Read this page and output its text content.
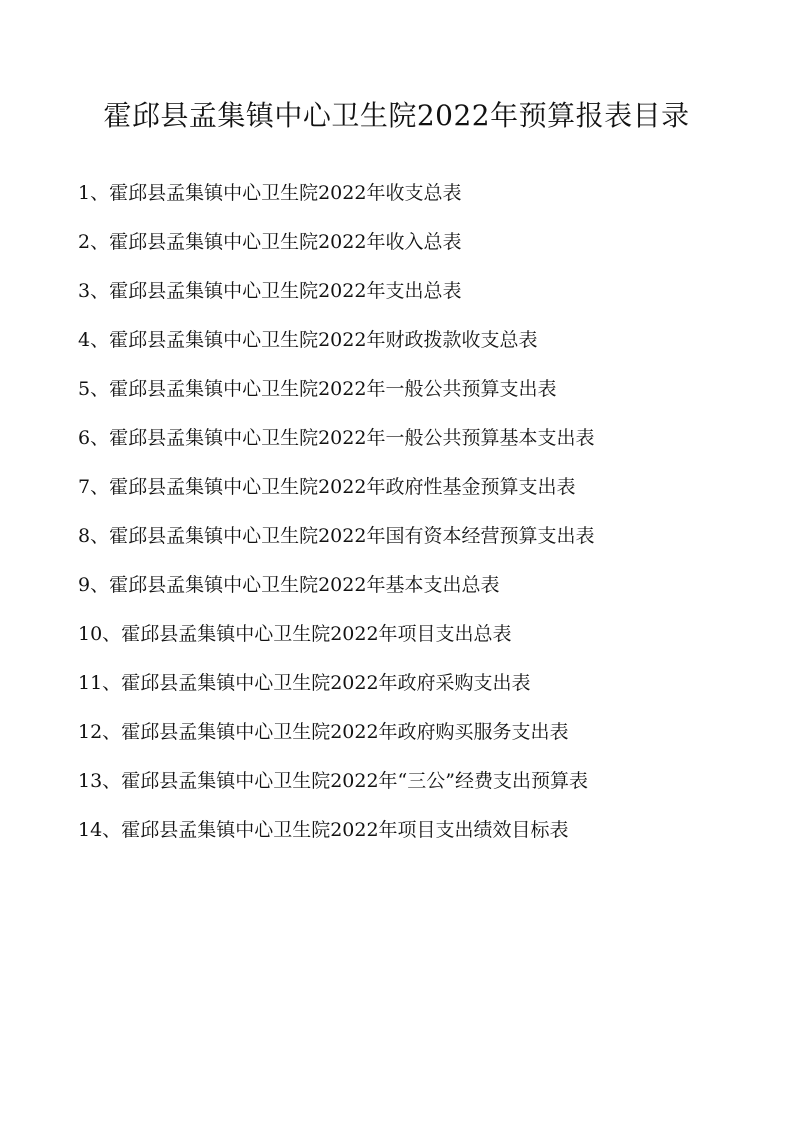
霍邱县孟集镇中心卫生院2022年预算报表目录
1、霍邱县孟集镇中心卫生院2022年收支总表
2、霍邱县孟集镇中心卫生院2022年收入总表
3、霍邱县孟集镇中心卫生院2022年支出总表
4、霍邱县孟集镇中心卫生院2022年财政拨款收支总表
5、霍邱县孟集镇中心卫生院2022年一般公共预算支出表
6、霍邱县孟集镇中心卫生院2022年一般公共预算基本支出表
7、霍邱县孟集镇中心卫生院2022年政府性基金预算支出表
8、霍邱县孟集镇中心卫生院2022年国有资本经营预算支出表
9、霍邱县孟集镇中心卫生院2022年基本支出总表
10、霍邱县孟集镇中心卫生院2022年项目支出总表
11、霍邱县孟集镇中心卫生院2022年政府采购支出表
12、霍邱县孟集镇中心卫生院2022年政府购买服务支出表
13、霍邱县孟集镇中心卫生院2022年“三公”经费支出预算表
14、霍邱县孟集镇中心卫生院2022年项目支出绩效目标表
